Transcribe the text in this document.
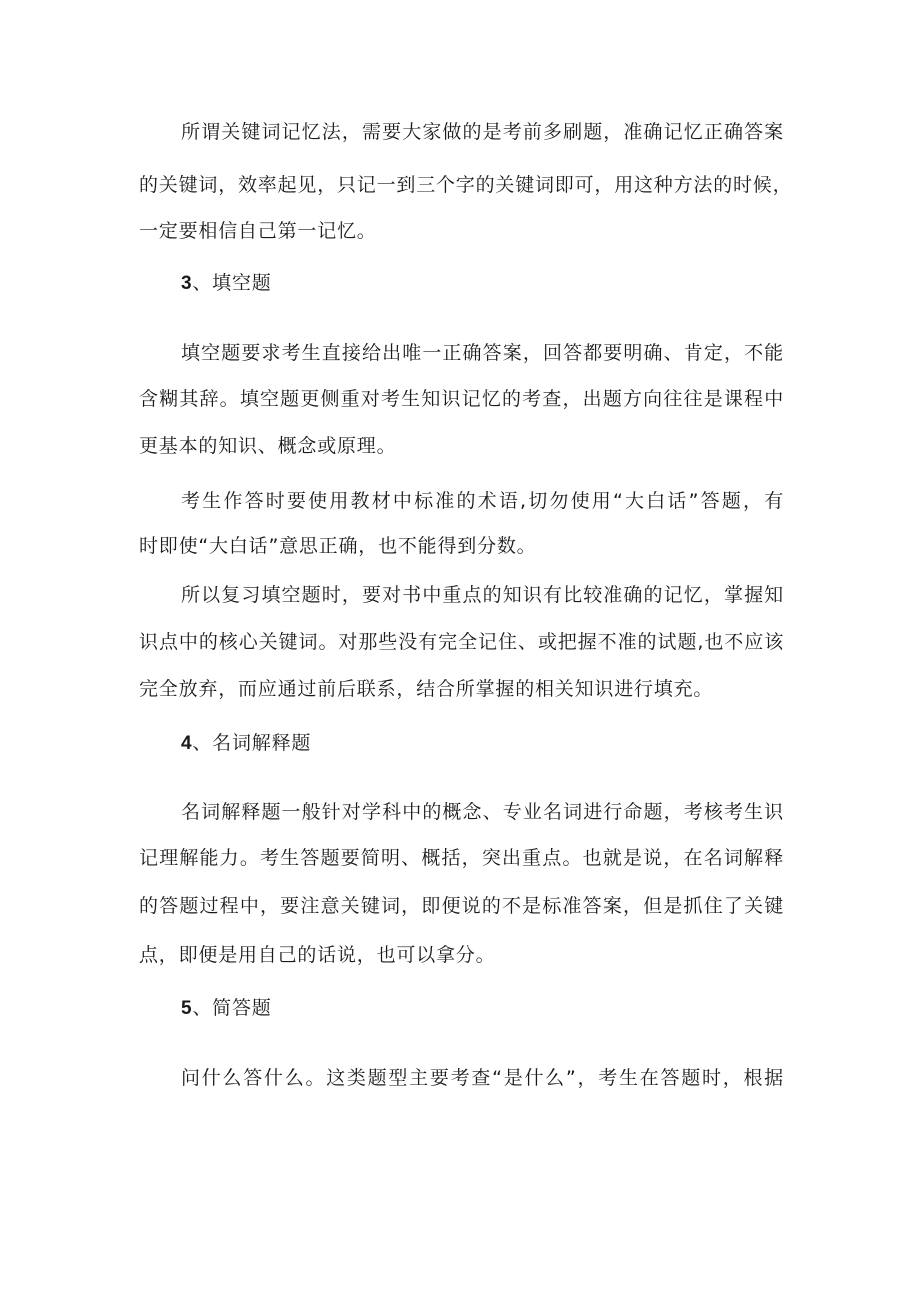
所谓关键词记忆法，需要大家做的是考前多刷题，准确记忆正确答案
的关键词，效率起见，只记一到三个字的关键词即可，用这种方法的时候，
一定要相信自己第一记忆。
3、填空题
填空题要求考生直接给出唯一正确答案，回答都要明确、肯定，不能
含糊其辞。填空题更侧重对考生知识记忆的考查，出题方向往往是课程中
更基本的知识、概念或原理。
考生作答时要使用教材中标准的术语,切勿使用“大白话”答题，有
时即使“大白话”意思正确，也不能得到分数。
所以复习填空题时，要对书中重点的知识有比较准确的记忆，掌握知
识点中的核心关键词。对那些没有完全记住、或把握不准的试题,也不应该
完全放弃，而应通过前后联系，结合所掌握的相关知识进行填充。
4、名词解释题
名词解释题一般针对学科中的概念、专业名词进行命题，考核考生识
记理解能力。考生答题要简明、概括，突出重点。也就是说，在名词解释
的答题过程中，要注意关键词，即便说的不是标准答案，但是抓住了关键
点，即便是用自己的话说，也可以拿分。
5、简答题
问什么答什么。这类题型主要考查“是什么”，考生在答题时，根据
